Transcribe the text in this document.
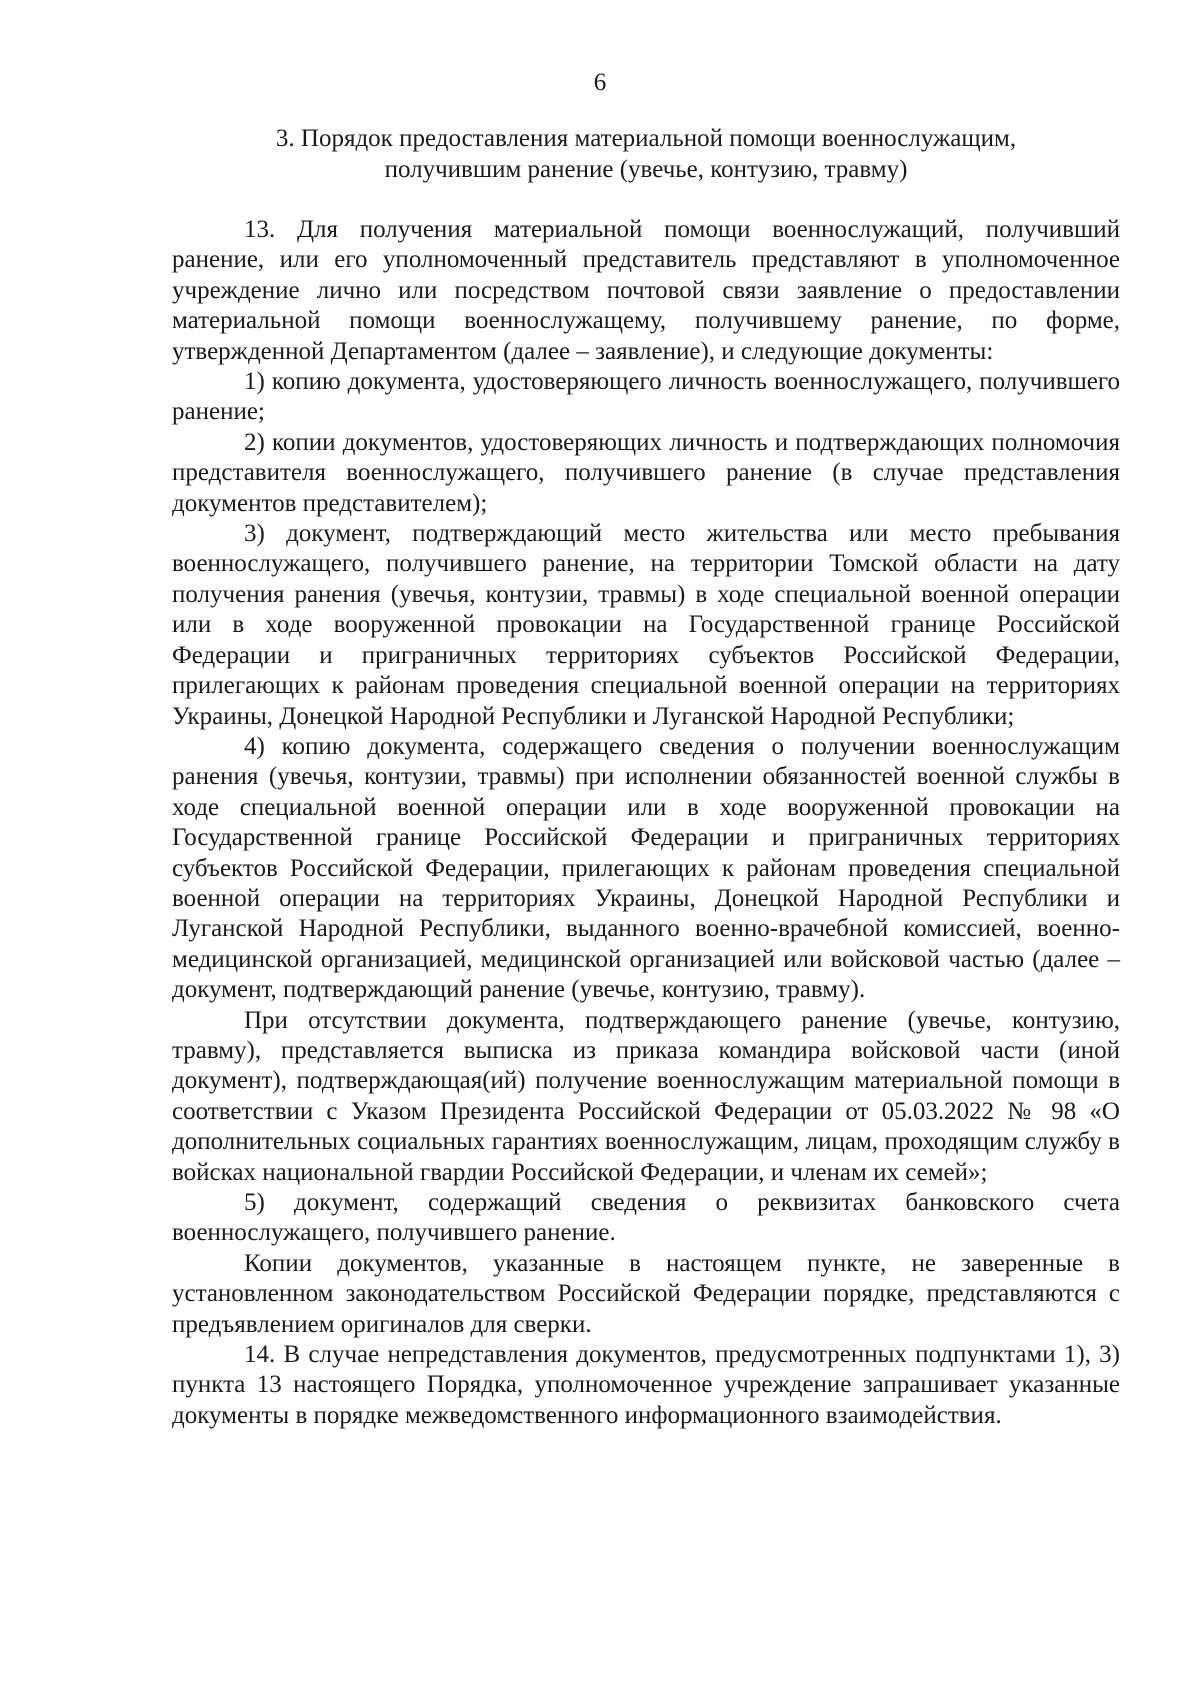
6
3. Порядок предоставления материальной помощи военнослужащим,
получившим ранение (увечье, контузию, травму)

13. Для получения материальной помощи военнослужащий, получивший ранение, или его уполномоченный представитель представляют в уполномоченное учреждение лично или посредством почтовой связи заявление о предоставлении материальной помощи военнослужащему, получившему ранение, по форме, утвержденной Департаментом (далее – заявление), и следующие документы:

1) копию документа, удостоверяющего личность военнослужащего, получившего ранение;

2) копии документов, удостоверяющих личность и подтверждающих полномочия представителя военнослужащего, получившего ранение (в случае представления документов представителем);

3) документ, подтверждающий место жительства или место пребывания военнослужащего, получившего ранение, на территории Томской области на дату получения ранения (увечья, контузии, травмы) в ходе специальной военной операции или в ходе вооруженной провокации на Государственной границе Российской Федерации и приграничных территориях субъектов Российской Федерации, прилегающих к районам проведения специальной военной операции на территориях Украины, Донецкой Народной Республики и Луганской Народной Республики;

4) копию документа, содержащего сведения о получении военнослужащим ранения (увечья, контузии, травмы) при исполнении обязанностей военной службы в ходе специальной военной операции или в ходе вооруженной провокации на Государственной границе Российской Федерации и приграничных территориях субъектов Российской Федерации, прилегающих к районам проведения специальной военной операции на территориях Украины, Донецкой Народной Республики и Луганской Народной Республики, выданного военно-врачебной комиссией, военно-медицинской организацией, медицинской организацией или войсковой частью (далее – документ, подтверждающий ранение (увечье, контузию, травму).

При отсутствии документа, подтверждающего ранение (увечье, контузию, травму), представляется выписка из приказа командира войсковой части (иной документ), подтверждающая(ий) получение военнослужащим материальной помощи в соответствии с Указом Президента Российской Федерации от 05.03.2022 № 98 «О дополнительных социальных гарантиях военнослужащим, лицам, проходящим службу в войсках национальной гвардии Российской Федерации, и членам их семей»;

5) документ, содержащий сведения о реквизитах банковского счета военнослужащего, получившего ранение.

Копии документов, указанные в настоящем пункте, не заверенные в установленном законодательством Российской Федерации порядке, представляются с предъявлением оригиналов для сверки.

14. В случае непредставления документов, предусмотренных подпунктами 1), 3) пункта 13 настоящего Порядка, уполномоченное учреждение запрашивает указанные документы в порядке межведомственного информационного взаимодействия.
